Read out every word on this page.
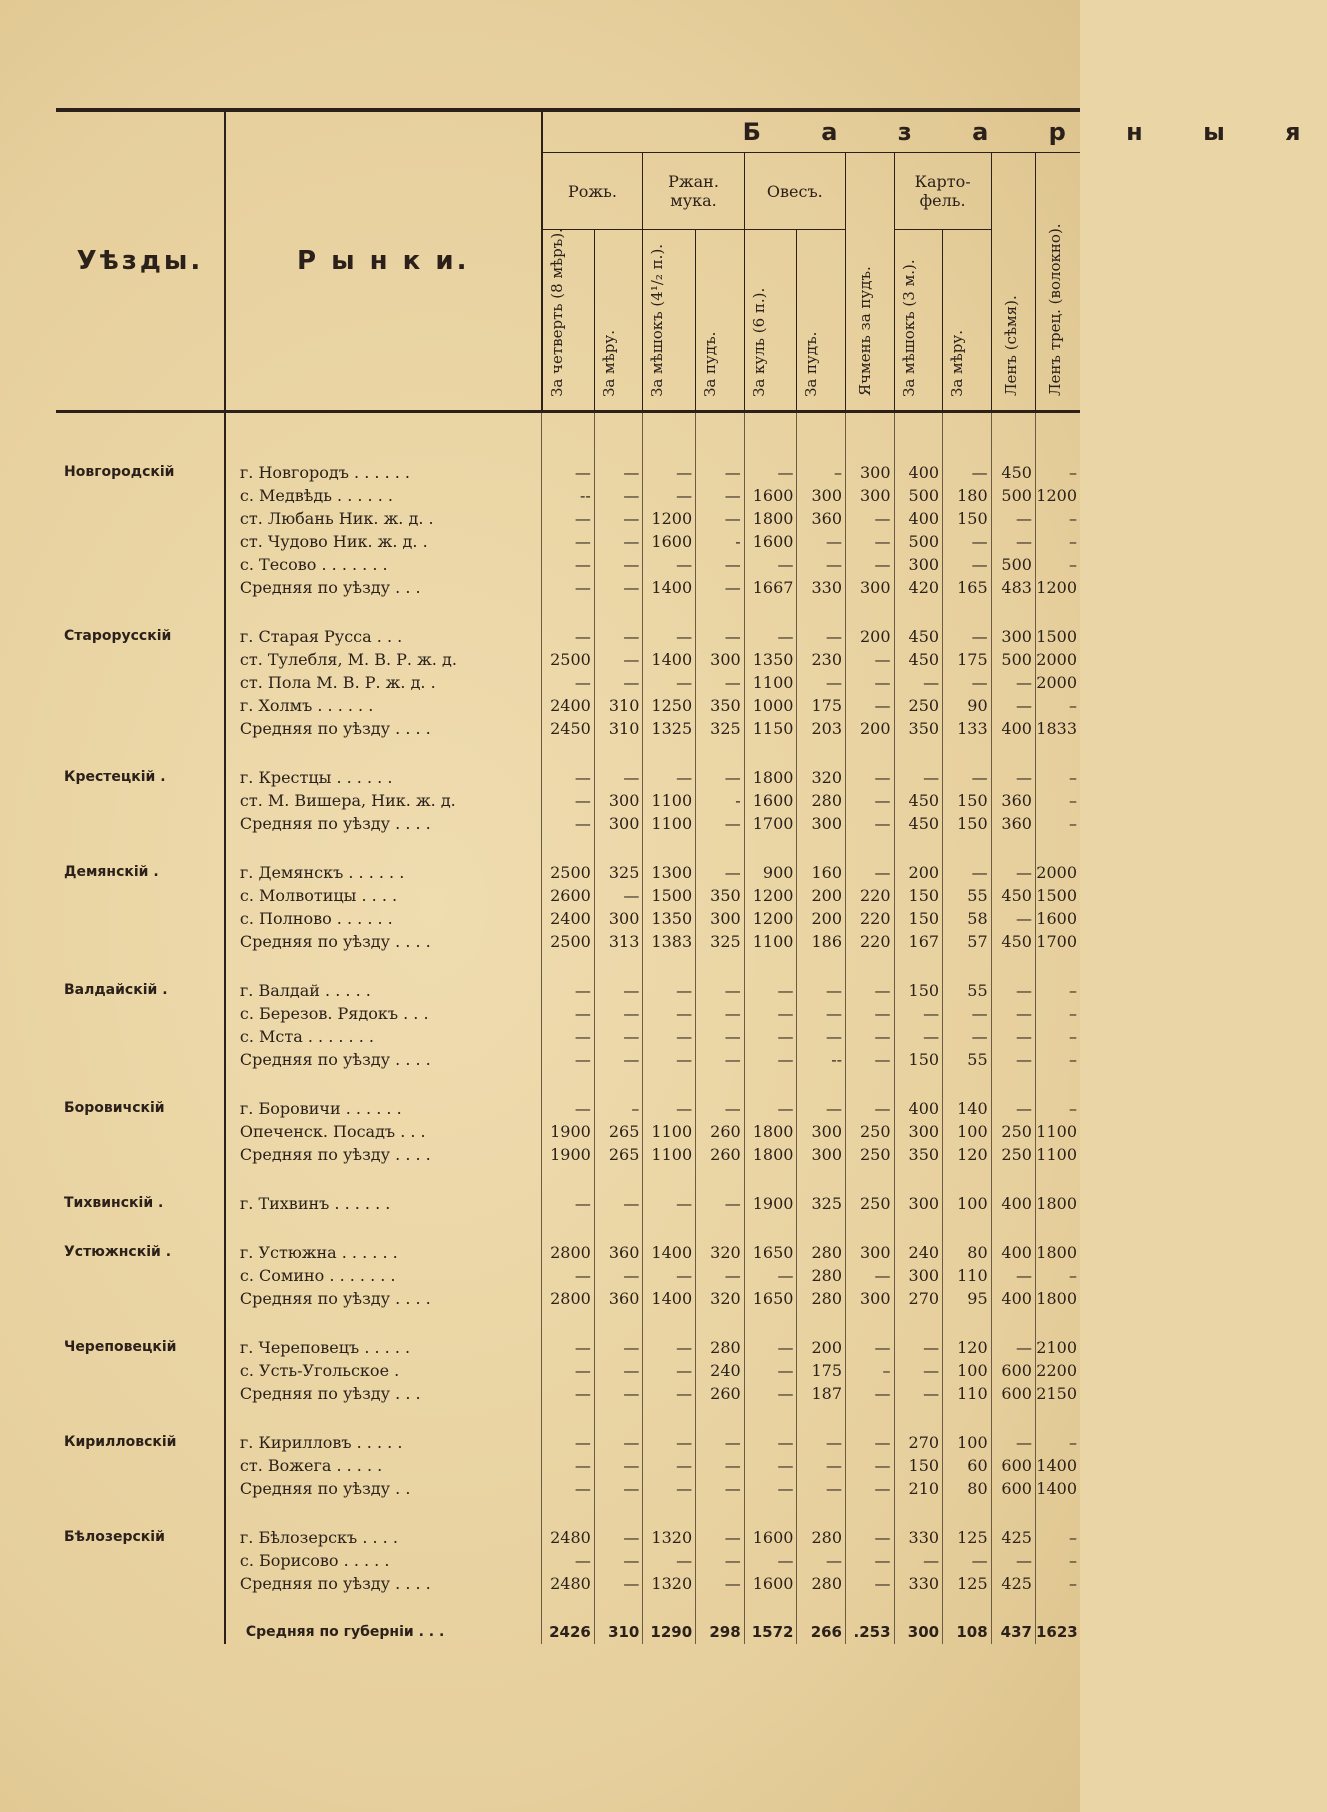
Уѣзды.	Р ы н к и.	Б а з а р н ы я										
		Рожь.		Ржан. мука.		Овесъ.		Ячмень за пудъ.	Карто- фель.		Ленъ (сѣмя).	Ленъ трец. (волокно).

		За четверть (8 мѣръ).	За мѣру.	За мѣшокъ (4¹/₂ п.).	За пудъ.	За куль (6 п.).	За пудъ.		За мѣшокъ (3 м.).	За мѣру.		

Новгородскій	г. Новгородъ . . . . . .	—	—	—	—	—	–	300	400	—	450	–
	с. Медвѣдь . . . . . .	--	—	—	—	1600	300	300	500	180	500	1200
	ст. Любань Ник. ж. д. .	—	—	1200	—	1800	360	—	400	150	—	–
	ст. Чудово Ник. ж. д. .	—	—	1600	-	1600	—	—	500	—	—	–
	с. Тесово . . . . . . .	—	—	—	—	—	—	—	300	—	500	–
	Средняя по уѣзду . . .	—	—	1400	—	1667	330	300	420	165	483	1200

Старорусскій	г. Старая Русса . . .	—	—	—	—	—	—	200	450	—	300	1500
	ст. Тулебля, М. В. Р. ж. д.	2500	—	1400	300	1350	230	—	450	175	500	2000
	ст. Пола М. В. Р. ж. д. .	—	—	—	—	1100	—	—	—	—	—	2000
	г. Холмъ . . . . . .	2400	310	1250	350	1000	175	—	250	90	—	–
	Средняя по уѣзду . . . .	2450	310	1325	325	1150	203	200	350	133	400	1833

Крестецкій .	г. Крестцы . . . . . .	—	—	—	—	1800	320	—	—	—	—	–
	ст. М. Вишера, Ник. ж. д.	—	300	1100	-	1600	280	—	450	150	360	–
	Средняя по уѣзду . . . .	—	300	1100	—	1700	300	—	450	150	360	–

Демянскій .	г. Демянскъ . . . . . .	2500	325	1300	—	900	160	—	200	—	—	2000
	с. Молвотицы . . . .	2600	—	1500	350	1200	200	220	150	55	450	1500
	с. Полново . . . . . .	2400	300	1350	300	1200	200	220	150	58	—	1600
	Средняя по уѣзду . . . .	2500	313	1383	325	1100	186	220	167	57	450	1700

Валдайскій .	г. Валдай . . . . .	—	—	—	—	—	—	—	150	55	—	–
	с. Березов. Рядокъ . . .	—	—	—	—	—	—	—	—	—	—	–
	с. Мста . . . . . . .	—	—	—	—	—	—	—	—	—	—	–
	Средняя по уѣзду . . . .	—	—	—	—	—	--	—	150	55	—	–

Боровичскій	г. Боровичи . . . . . .	—	–	—	—	—	—	—	400	140	—	–
	Опеченск. Посадъ . . .	1900	265	1100	260	1800	300	250	300	100	250	1100
	Средняя по уѣзду . . . .	1900	265	1100	260	1800	300	250	350	120	250	1100

Тихвинскій .	г. Тихвинъ . . . . . .	—	—	—	—	1900	325	250	300	100	400	1800

Устюжнскій .	г. Устюжна . . . . . .	2800	360	1400	320	1650	280	300	240	80	400	1800
	с. Сомино . . . . . . .	—	—	—	—	—	280	—	300	110	—	–
	Средняя по уѣзду . . . .	2800	360	1400	320	1650	280	300	270	95	400	1800

Череповецкій	г. Череповецъ . . . . .	—	—	—	280	—	200	—	—	120	—	2100
	с. Усть-Угольское .	—	—	—	240	—	175	–	—	100	600	2200
	Средняя по уѣзду . . .	—	—	—	260	—	187	—	—	110	600	2150

Кирилловскій	г. Кирилловъ . . . . .	—	—	—	—	—	—	—	270	100	—	–
	ст. Вожега . . . . .	—	—	—	—	—	—	—	150	60	600	1400
	Средняя по уѣзду . .	—	—	—	—	—	—	—	210	80	600	1400

Бѣлозерскій	г. Бѣлозерскъ . . . .	2480	—	1320	—	1600	280	—	330	125	425	–
	с. Борисово . . . . .	—	—	—	—	—	—	—	—	—	—	–
	Средняя по уѣзду . . . .	2480	—	1320	—	1600	280	—	330	125	425	–

	Средняя по губерніи . . .	2426	310	1290	298	1572	266	.253	300	108	437	1623
